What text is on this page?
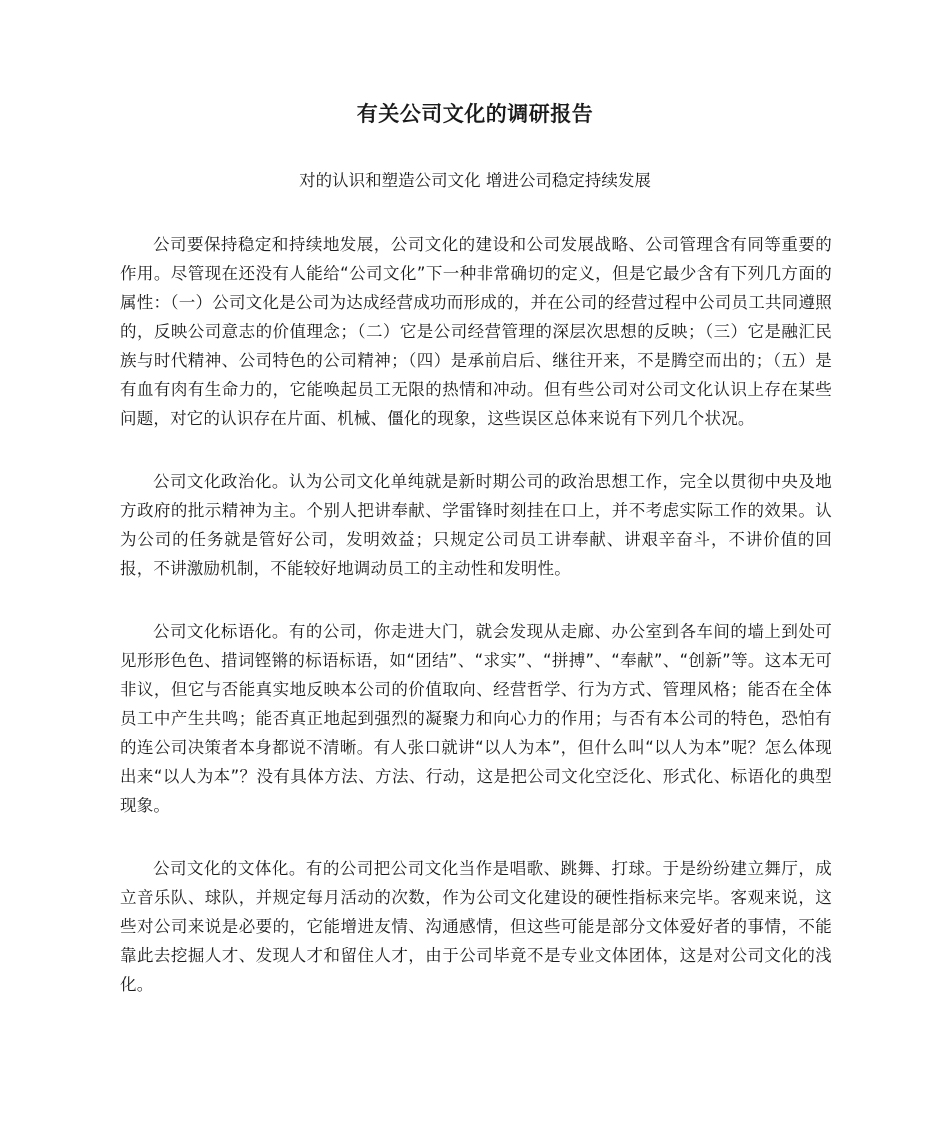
有关公司文化的调研报告
对的认识和塑造公司文化 增进公司稳定持续发展

公司要保持稳定和持续地发展，公司文化的建设和公司发展战略、公司管理含有同等重要的作用。尽管现在还没有人能给“公司文化”下一种非常确切的定义，但是它最少含有下列几方面的属性：（一）公司文化是公司为达成经营成功而形成的，并在公司的经营过程中公司员工共同遵照的，反映公司意志的价值理念；（二）它是公司经营管理的深层次思想的反映；（三）它是融汇民族与时代精神、公司特色的公司精神；（四）是承前启后、继往开来，不是腾空而出的；（五）是有血有肉有生命力的，它能唤起员工无限的热情和冲动。但有些公司对公司文化认识上存在某些问题，对它的认识存在片面、机械、僵化的现象，这些误区总体来说有下列几个状况。

公司文化政治化。认为公司文化单纯就是新时期公司的政治思想工作，完全以贯彻中央及地方政府的批示精神为主。个别人把讲奉献、学雷锋时刻挂在口上，并不考虑实际工作的效果。认为公司的任务就是管好公司，发明效益；只规定公司员工讲奉献、讲艰辛奋斗，不讲价值的回报，不讲激励机制，不能较好地调动员工的主动性和发明性。

公司文化标语化。有的公司，你走进大门，就会发现从走廊、办公室到各车间的墙上到处可见形形色色、措词铿锵的标语标语，如“团结”、“求实”、“拼搏”、“奉献”、“创新”等。这本无可非议，但它与否能真实地反映本公司的价值取向、经营哲学、行为方式、管理风格；能否在全体员工中产生共鸣；能否真正地起到强烈的凝聚力和向心力的作用；与否有本公司的特色，恐怕有的连公司决策者本身都说不清晰。有人张口就讲“以人为本”，但什么叫“以人为本”呢？怎么体现出来“以人为本”？没有具体方法、方法、行动，这是把公司文化空泛化、形式化、标语化的典型现象。

公司文化的文体化。有的公司把公司文化当作是唱歌、跳舞、打球。于是纷纷建立舞厅，成立音乐队、球队，并规定每月活动的次数，作为公司文化建设的硬性指标来完毕。客观来说，这些对公司来说是必要的，它能增进友情、沟通感情，但这些可能是部分文体爱好者的事情，不能靠此去挖掘人才、发现人才和留住人才，由于公司毕竟不是专业文体团体，这是对公司文化的浅化。
